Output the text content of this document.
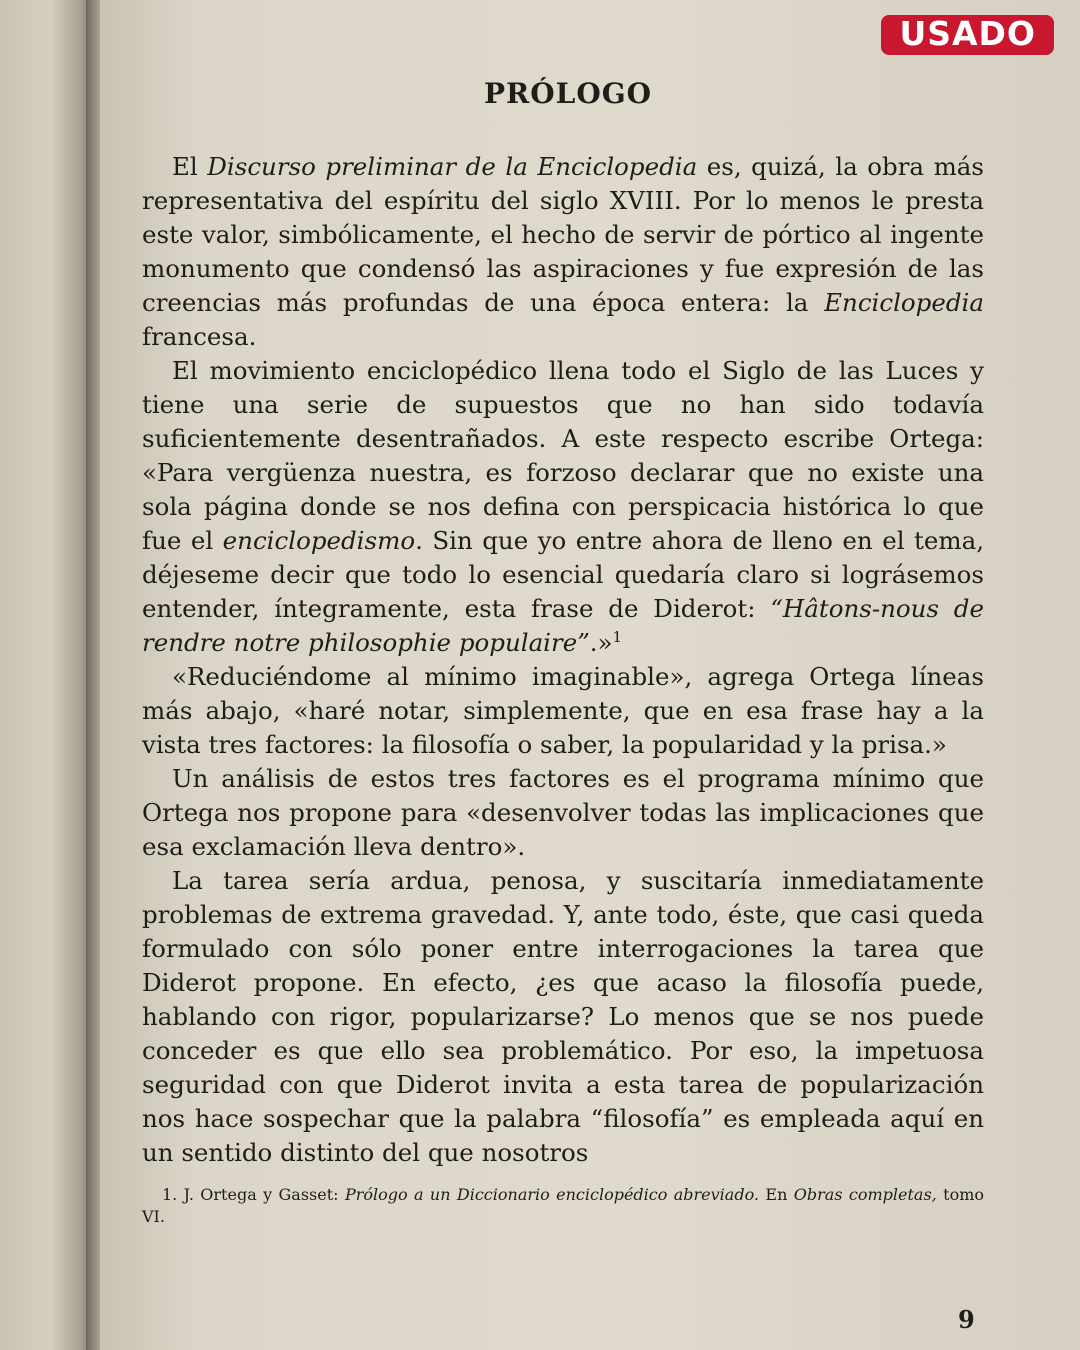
USADO
PRÓLOGO

El Discurso preliminar de la Enciclopedia es, quizá, la obra más representativa del espíritu del siglo XVIII. Por lo menos le presta este valor, simbólicamente, el hecho de servir de pórtico al ingente monumento que condensó las aspiraciones y fue expresión de las creencias más profundas de una época entera: la Enciclopedia francesa.

El movimiento enciclopédico llena todo el Siglo de las Luces y tiene una serie de supuestos que no han sido todavía suficientemente desentrañados. A este respecto escribe Ortega: «Para vergüenza nuestra, es forzoso declarar que no existe una sola página donde se nos defina con perspicacia histórica lo que fue el enciclopedismo. Sin que yo entre ahora de lleno en el tema, déjeseme decir que todo lo esencial quedaría claro si lográsemos entender, íntegramente, esta frase de Diderot: “Hâtons-nous de rendre notre philosophie populaire”.»$^1$

«Reduciéndome al mínimo imaginable», agrega Ortega líneas más abajo, «haré notar, simplemente, que en esa frase hay a la vista tres factores: la filosofía o saber, la popularidad y la prisa.»

Un análisis de estos tres factores es el programa mínimo que Ortega nos propone para «desenvolver todas las implicaciones que esa exclamación lleva dentro».

La tarea sería ardua, penosa, y suscitaría inmediatamente problemas de extrema gravedad. Y, ante todo, éste, que casi queda formulado con sólo poner entre interrogaciones la tarea que Diderot propone. En efecto, ¿es que acaso la filosofía puede, hablando con rigor, popularizarse? Lo menos que se nos puede conceder es que ello sea problemático. Por eso, la impetuosa seguridad con que Diderot invita a esta tarea de popularización nos hace sospechar que la palabra “filosofía” es empleada aquí en un sentido distinto del que nosotros

1. J. Ortega y Gasset: Prólogo a un Diccionario enciclopédico abreviado. En Obras completas, tomo VI.

9
